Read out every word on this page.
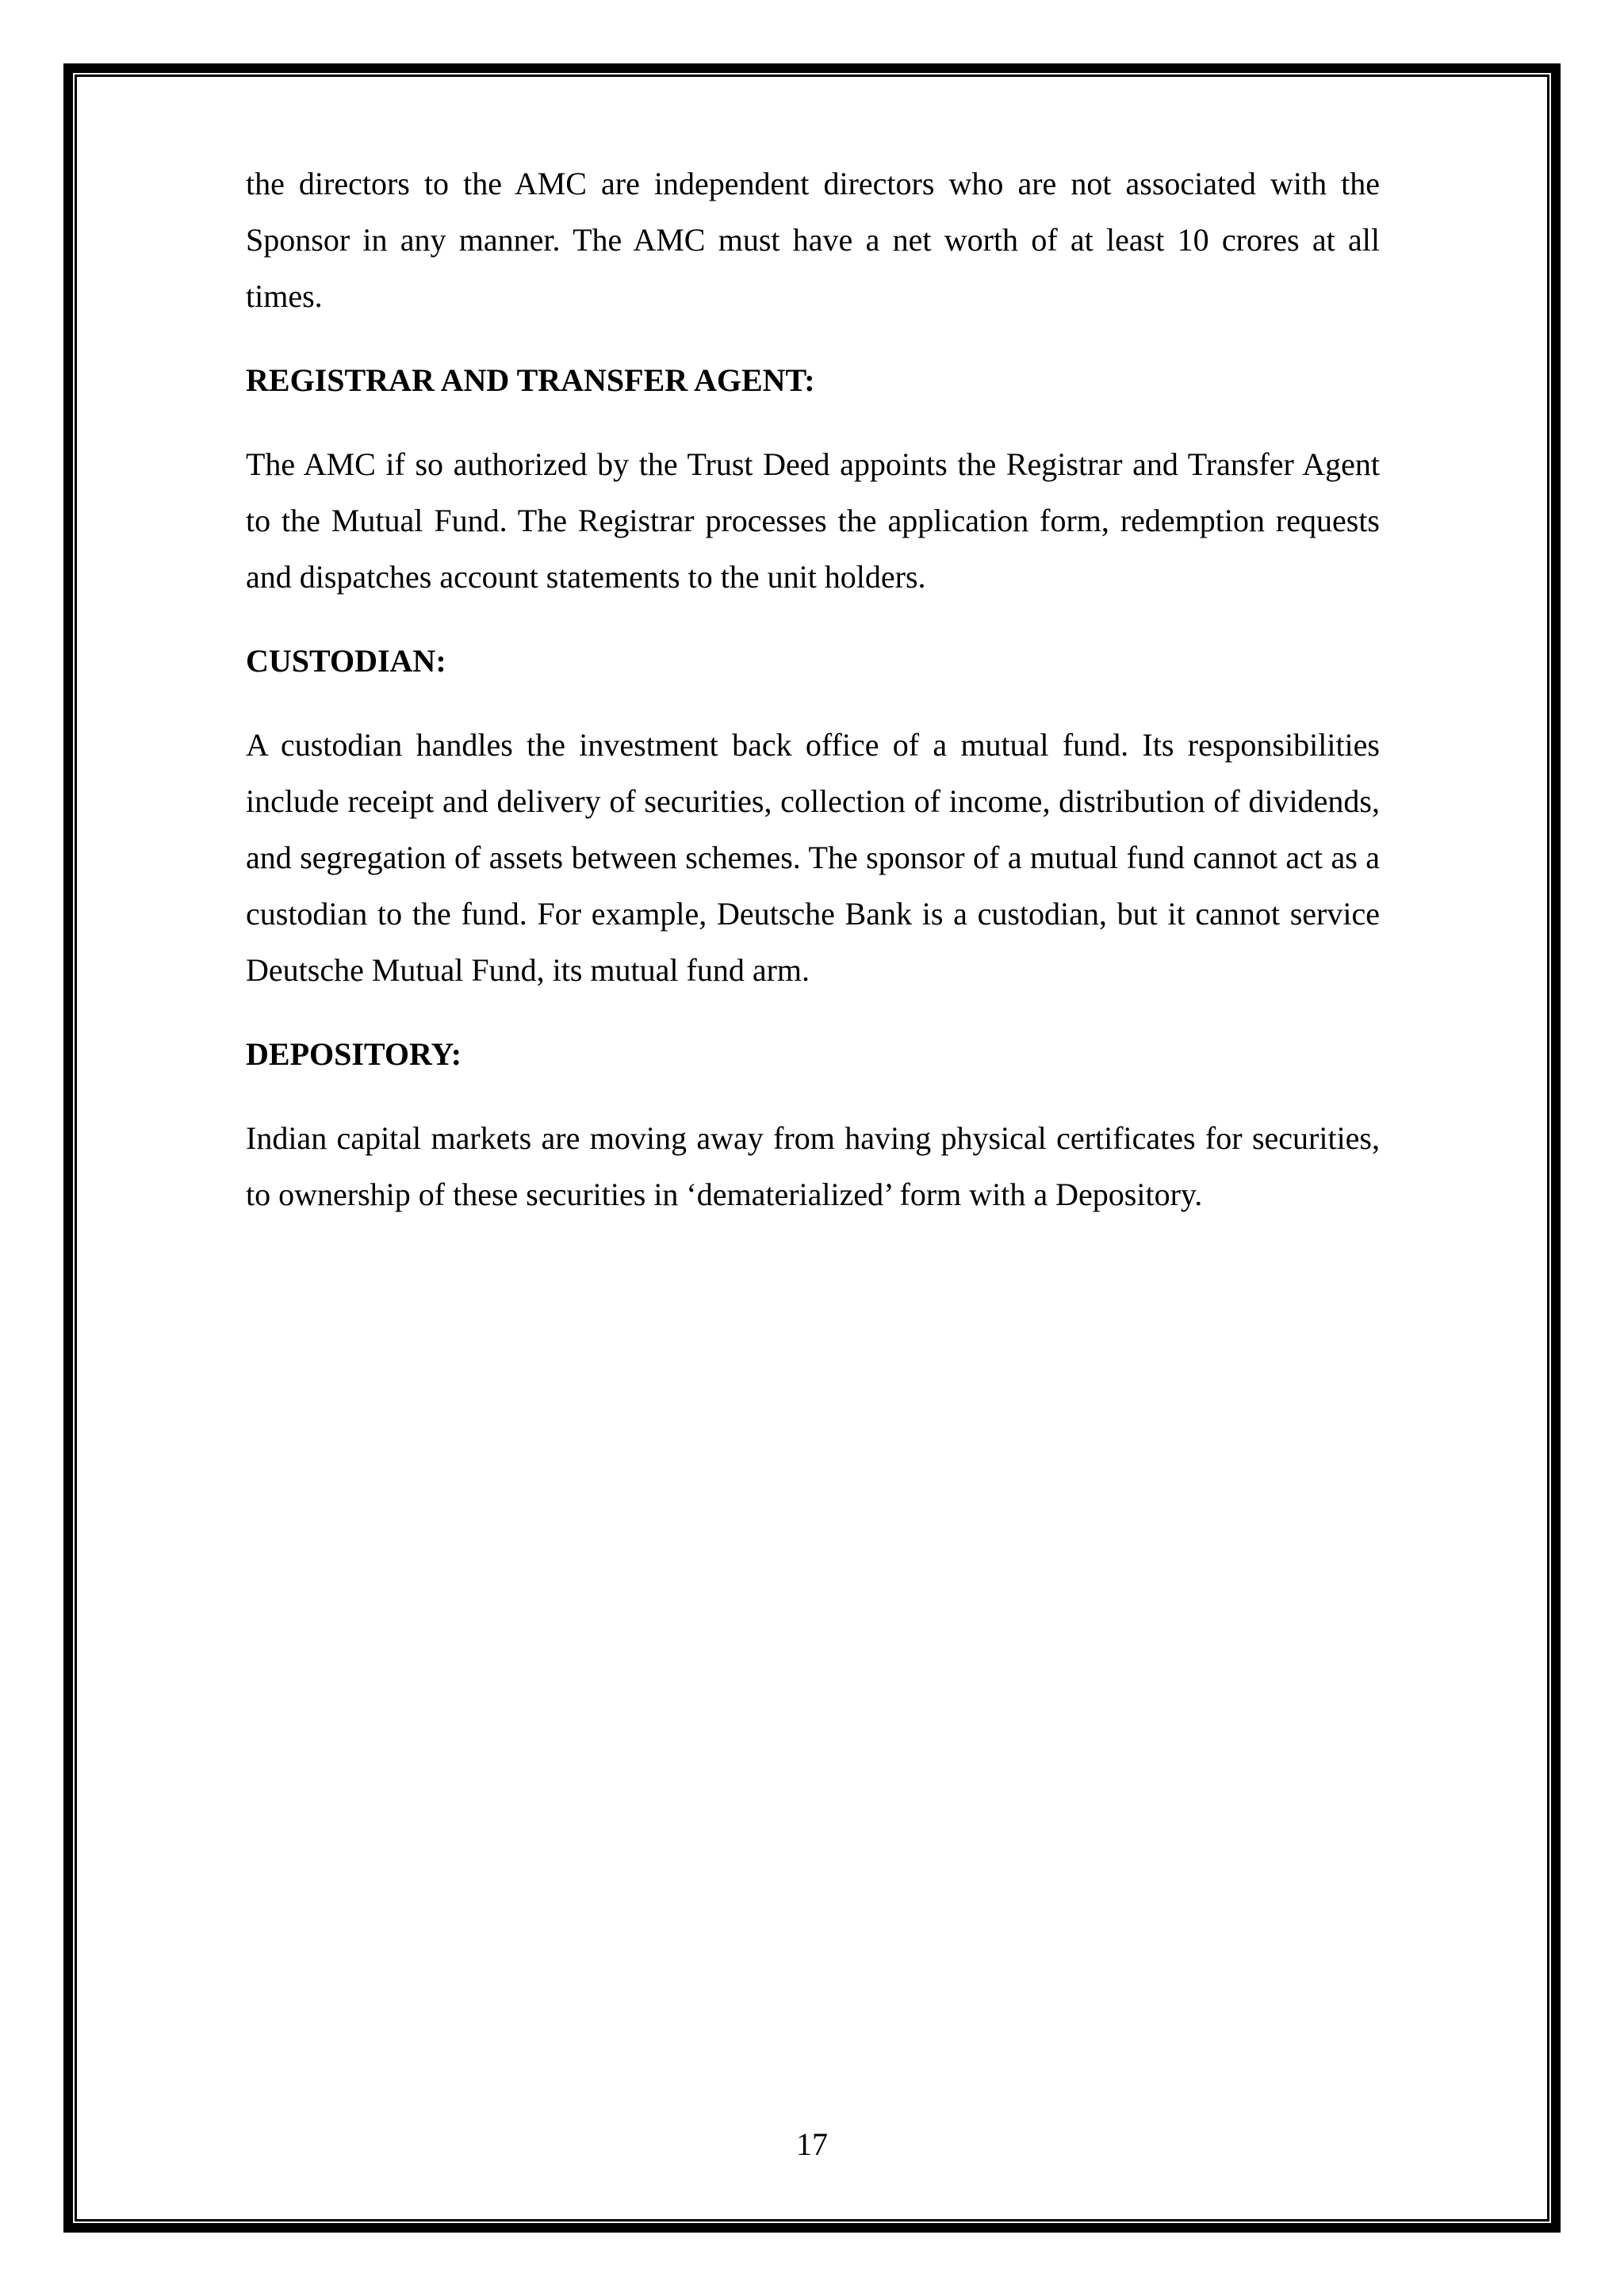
the directors to the AMC are independent directors who are not associated with the Sponsor in any manner. The AMC must have a net worth of at least 10 crores at all times.

REGISTRAR AND TRANSFER AGENT:

The AMC if so authorized by the Trust Deed appoints the Registrar and Transfer Agent to the Mutual Fund. The Registrar processes the application form, redemption requests and dispatches account statements to the unit holders.

CUSTODIAN:

A custodian handles the investment back office of a mutual fund. Its responsibilities include receipt and delivery of securities, collection of income, distribution of dividends, and segregation of assets between schemes. The sponsor of a mutual fund cannot act as a custodian to the fund. For example, Deutsche Bank is a custodian, but it cannot service Deutsche Mutual Fund, its mutual fund arm.

DEPOSITORY:

Indian capital markets are moving away from having physical certificates for securities, to ownership of these securities in ‘dematerialized’ form with a Depository.

17
